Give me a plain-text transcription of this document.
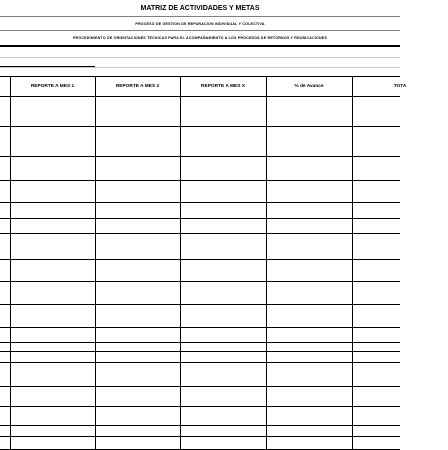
MATRIZ DE ACTIVIDADES Y METAS
PROCESO DE GESTION DE REPARACION INDIVIDUAL Y COLECTIVA
PROCEDIMIENTO DE ORIENTACIONES TÉCNICAS PARA EL ACOMPAÑAMIENTO A LOS PROCESOS DE RETORNOS Y REUBICACIONES
REPORTE A MES 1	REPORTE A MES 2	REPORTE A MES X	% de Avance	TOTA
